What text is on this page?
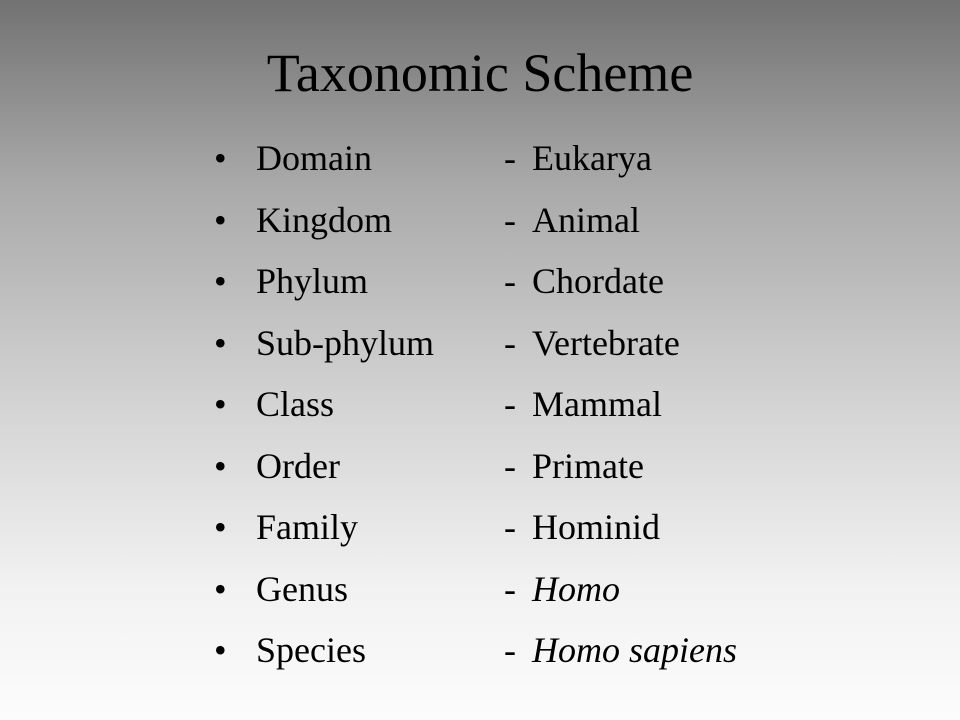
Taxonomic Scheme
• Domain	- Eukarya
• Kingdom	- Animal
• Phylum	- Chordate
• Sub-phylum - Vertebrate
• Class	- Mammal
• Order	- Primate
• Family	- Hominid
• Genus	- Homo
• Species	- Homo sapiens
